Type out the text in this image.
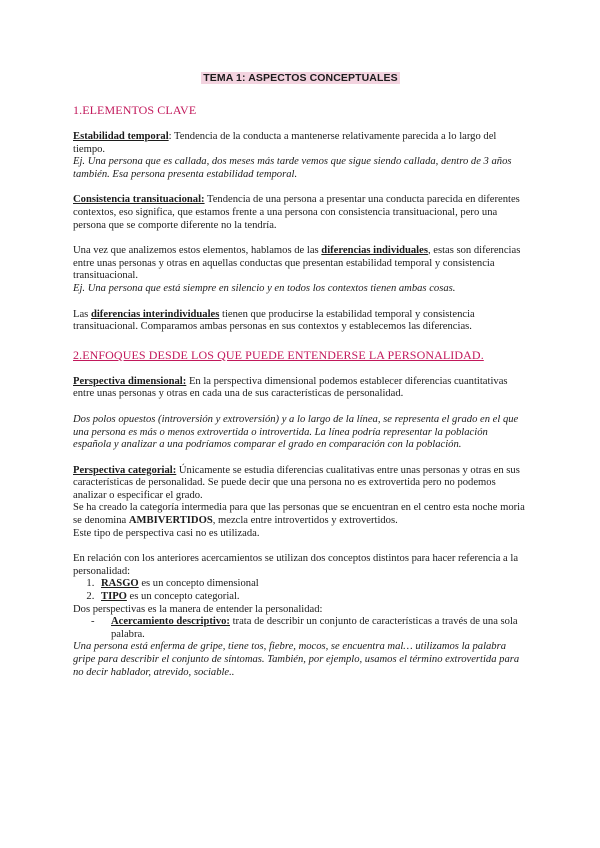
TEMA 1: ASPECTOS CONCEPTUALES
1.ELEMENTOS CLAVE

Estabilidad temporal: Tendencia de la conducta a mantenerse relativamente parecida a lo largo del tiempo.

Ej. Una persona que es callada, dos meses más tarde vemos que sigue siendo callada, dentro de 3 años también. Esa persona presenta estabilidad temporal.

Consistencia transituacional: Tendencia de una persona a presentar una conducta parecida en diferentes contextos, eso significa, que estamos frente a una persona con consistencia transituacional, pero una persona que se comporte diferente no la tendría.

Una vez que analizemos estos elementos, hablamos de las diferencias individuales, estas son diferencias entre unas personas y otras en aquellas conductas que presentan estabilidad temporal y consistencia transituacional.

Ej. Una persona que está siempre en silencio y en todos los contextos tienen ambas cosas.

Las diferencias interindividuales tienen que producirse la estabilidad temporal y consistencia transituacional. Comparamos ambas personas en sus contextos y establecemos las diferencias.

2.ENFOQUES DESDE LOS QUE PUEDE ENTENDERSE LA PERSONALIDAD.

Perspectiva dimensional: En la perspectiva dimensional podemos establecer diferencias cuantitativas entre unas personas y otras en cada una de sus características de personalidad.

Dos polos opuestos (introversión y extroversión) y a lo largo de la línea, se representa el grado en el que una persona es más o menos extrovertida o introvertida. La línea podría representar la población española y analizar a una podríamos comparar el grado en comparación con la población.

Perspectiva categorial: Únicamente se estudia diferencias cualitativas entre unas personas y otras en sus características de personalidad. Se puede decir que una persona no es extrovertida pero no podemos analizar o especificar el grado.

Se ha creado la categoría intermedia para que las personas que se encuentran en el centro esta noche moria se denomina AMBIVERTIDOS, mezcla entre introvertidos y extrovertidos.

Este tipo de perspectiva casi no es utilizada.

En relación con los anteriores acercamientos se utilizan dos conceptos distintos para hacer referencia a la personalidad:

1. RASGO es un concepto dimensional
2. TIPO es un concepto categorial.

Dos perspectivas es la manera de entender la personalidad:

- Acercamiento descriptivo: trata de describir un conjunto de características a través de una sola palabra.

Una persona está enferma de gripe, tiene tos, fiebre, mocos, se encuentra mal… utilizamos la palabra gripe para describir el conjunto de síntomas. También, por ejemplo, usamos el término extrovertida para no decir hablador, atrevido, sociable..
